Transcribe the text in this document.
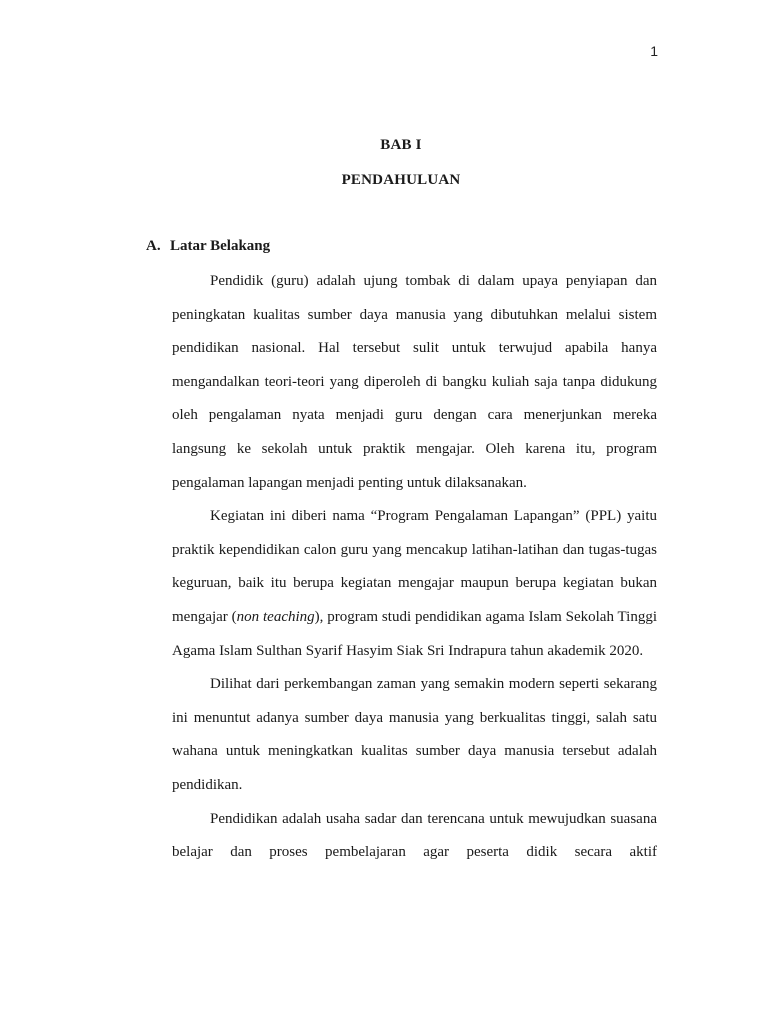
1
BAB I
PENDAHULUAN
A. Latar Belakang

Pendidik (guru) adalah ujung tombak di dalam upaya penyiapan dan peningkatan kualitas sumber daya manusia yang dibutuhkan melalui sistem pendidikan nasional. Hal tersebut sulit untuk terwujud apabila hanya mengandalkan teori-teori yang diperoleh di bangku kuliah saja tanpa didukung oleh pengalaman nyata menjadi guru dengan cara menerjunkan mereka langsung ke sekolah untuk praktik mengajar. Oleh karena itu, program pengalaman lapangan menjadi penting untuk dilaksanakan.

Kegiatan ini diberi nama “Program Pengalaman Lapangan” (PPL) yaitu praktik kependidikan calon guru yang mencakup latihan-latihan dan tugas-tugas keguruan, baik itu berupa kegiatan mengajar maupun berupa kegiatan bukan mengajar (non teaching), program studi pendidikan agama Islam Sekolah Tinggi Agama Islam Sulthan Syarif Hasyim Siak Sri Indrapura tahun akademik 2020.

Dilihat dari perkembangan zaman yang semakin modern seperti sekarang ini menuntut adanya sumber daya manusia yang berkualitas tinggi, salah satu wahana untuk meningkatkan kualitas sumber daya manusia tersebut adalah pendidikan.

Pendidikan adalah usaha sadar dan terencana untuk mewujudkan suasana belajar dan proses pembelajaran agar peserta didik secara aktif
